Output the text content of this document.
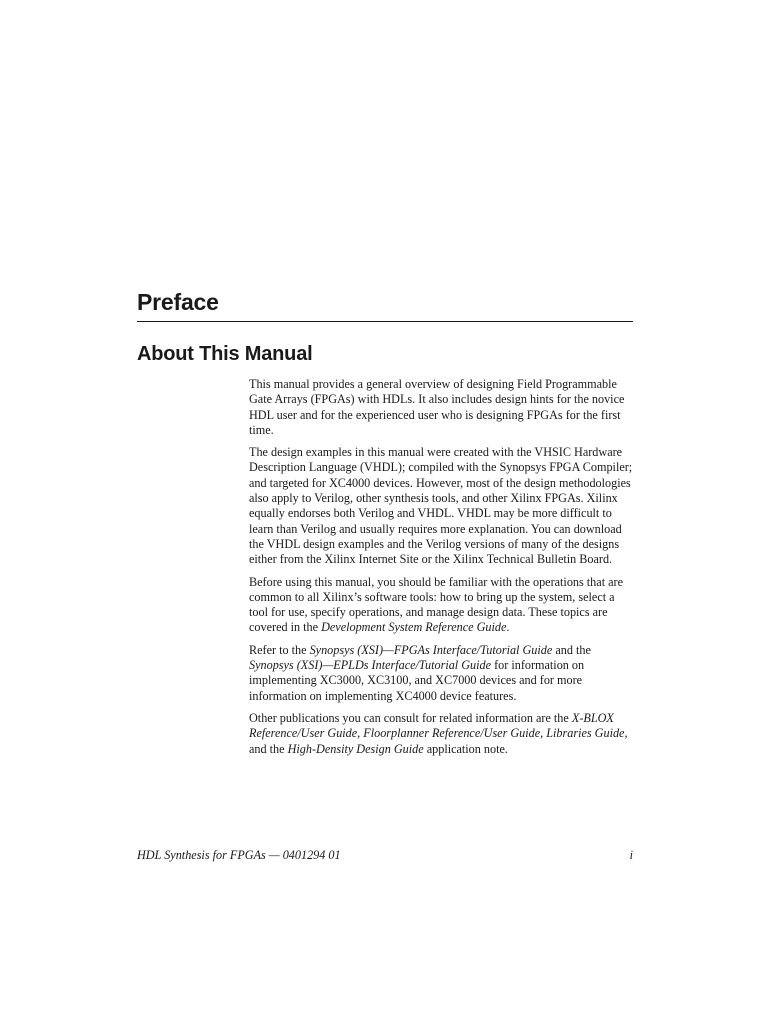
Preface
About This Manual

This manual provides a general overview of designing Field Programmable Gate Arrays (FPGAs) with HDLs. It also includes design hints for the novice HDL user and for the experienced user who is designing FPGAs for the first time.

The design examples in this manual were created with the VHSIC Hardware Description Language (VHDL); compiled with the Synopsys FPGA Compiler; and targeted for XC4000 devices. However, most of the design methodologies also apply to Verilog, other synthesis tools, and other Xilinx FPGAs. Xilinx equally endorses both Verilog and VHDL. VHDL may be more difficult to learn than Verilog and usually requires more explanation. You can download the VHDL design examples and the Verilog versions of many of the designs either from the Xilinx Internet Site or the Xilinx Technical Bulletin Board.

Before using this manual, you should be familiar with the operations that are common to all Xilinx’s software tools: how to bring up the system, select a tool for use, specify operations, and manage design data. These topics are covered in the Development System Reference Guide.

Refer to the Synopsys (XSI)—FPGAs Interface/Tutorial Guide and the Synopsys (XSI)—EPLDs Interface/Tutorial Guide for information on implementing XC3000, XC3100, and XC7000 devices and for more information on implementing XC4000 device features.

Other publications you can consult for related information are the X-BLOX Reference/User Guide, Floorplanner Reference/User Guide, Libraries Guide, and the High-Density Design Guide application note.

HDL Synthesis for FPGAs — 0401294 01	i
